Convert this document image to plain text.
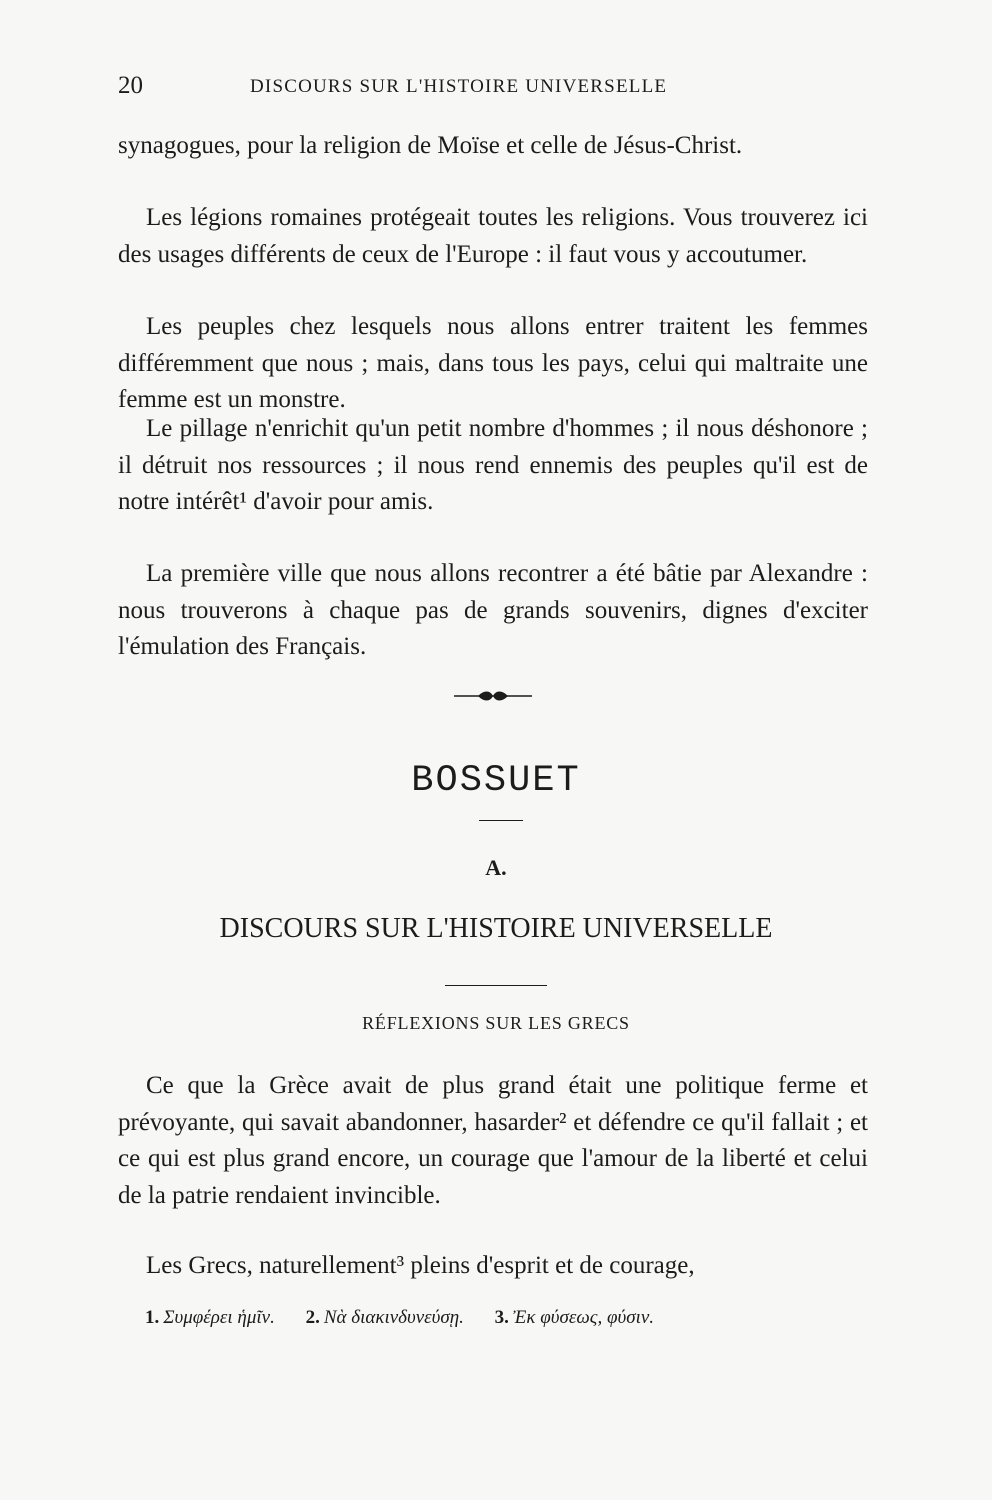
20	DISCOURS SUR L'HISTOIRE UNIVERSELLE

synagogues, pour la religion de Moïse et celle de Jésus-Christ.

Les légions romaines protégeait toutes les religions. Vous trouverez ici des usages différents de ceux de l'Europe : il faut vous y accoutumer.

Les peuples chez lesquels nous allons entrer traitent les femmes différemment que nous ; mais, dans tous les pays, celui qui maltraite une femme est un monstre.

Le pillage n'enrichit qu'un petit nombre d'hommes ; il nous déshonore ; il détruit nos ressources ; il nous rend ennemis des peuples qu'il est de notre intérêt¹ d'avoir pour amis.

La première ville que nous allons recontrer a été bâtie par Alexandre : nous trouverons à chaque pas de grands souvenirs, dignes d'exciter l'émulation des Français.

BOSSUET
A.
DISCOURS SUR L'HISTOIRE UNIVERSELLE
RÉFLEXIONS SUR LES GRECS

Ce que la Grèce avait de plus grand était une politique ferme et prévoyante, qui savait abandonner, hasarder² et défendre ce qu'il fallait ; et ce qui est plus grand encore, un courage que l'amour de la liberté et celui de la patrie rendaient invincible.

Les Grecs, naturellement³ pleins d'esprit et de courage,

1. Συμφέρει ἡμῖν. 2. Νὰ διακινδυνεύσῃ. 3. Ἐκ φύσεως, φύσιν.
